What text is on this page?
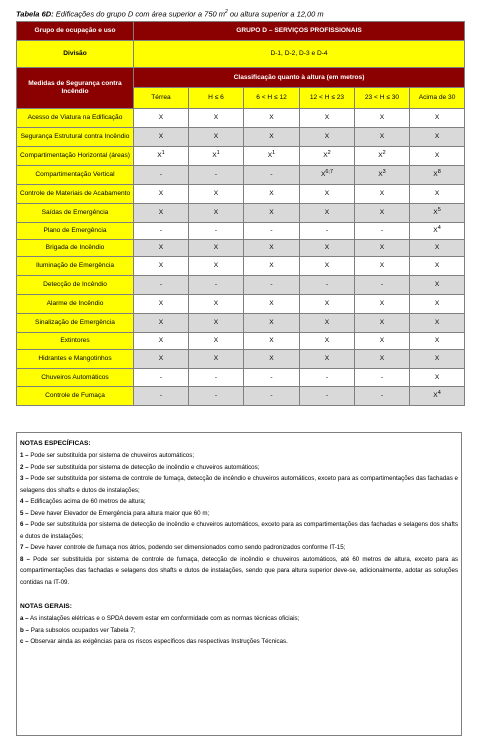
Tabela 6D: Edificações do grupo D com área superior a 750 $m^2$ ou altura superior a 12,00 m
Grupo de ocupação e uso	GRUPO D – SERVIÇOS PROFISSIONAIS					
Divisão	D-1, D-2, D-3 e D-4					
Medidas de Segurança contra Incêndio	Classificação quanto à altura (em metros)					
	Térrea	H ≤ 6	6 < H ≤ 12	12 < H ≤ 23	23 < H ≤ 30	Acima de 30
Acesso de Viatura na Edificação	X	X	X	X	X	X
Segurança Estrutural contra Incêndio	X	X	X	X	X	X
Compartimentação Horizontal (áreas)	$X^1$	$X^1$	$X^1$	$X^2$	$X^2$	X
Compartimentação Vertical	-	-	-	$X^{6;7}$	$X^3$	$X^8$
Controle de Materiais de Acabamento	X	X	X	X	X	X
Saídas de Emergência	X	X	X	X	X	$X^5$
Plano de Emergência	-	-	-	-	-	$X^4$
Brigada de Incêndio	X	X	X	X	X	X
Iluminação de Emergência	X	X	X	X	X	X
Detecção de Incêndio	-	-	-	-	-	X
Alarme de Incêndio	X	X	X	X	X	X
Sinalização de Emergência	X	X	X	X	X	X
Extintores	X	X	X	X	X	X
Hidrantes e Mangotinhos	X	X	X	X	X	X
Chuveiros Automáticos	-	-	-	-	-	X
Controle de Fumaça	-	-	-	-	-	$X^4$
NOTAS ESPECÍFICAS:
1 – Pode ser substituída por sistema de chuveiros automáticos;
2 – Pode ser substituída por sistema de detecção de incêndio e chuveiros automáticos;
3 – Pode ser substituída por sistema de controle de fumaça, detecção de incêndio e chuveiros automáticos, exceto para as compartimentações das fachadas e selagens dos shafts e dutos de instalações;
4 – Edificações acima de 60 metros de altura;
5 – Deve haver Elevador de Emergência para altura maior que 60 m;
6 – Pode ser substituída por sistema de detecção de incêndio e chuveiros automáticos, exceto para as compartimentações das fachadas e selagens dos shafts e dutos de instalações;
7 – Deve haver controle de fumaça nos átrios, podendo ser dimensionados como sendo padronizados conforme IT-15;
8 – Pode ser substituída por sistema de controle de fumaça, detecção de incêndio e chuveiros automáticos, até 60 metros de altura, exceto para as compartimentações das fachadas e selagens dos shafts e dutos de instalações, sendo que para altura superior deve-se, adicionalmente, adotar as soluções contidas na IT-09.
NOTAS GERAIS:
a – As instalações elétricas e o SPDA devem estar em conformidade com as normas técnicas oficiais;
b – Para subsolos ocupados ver Tabela 7;
c – Observar ainda as exigências para os riscos específicos das respectivas Instruções Técnicas.
